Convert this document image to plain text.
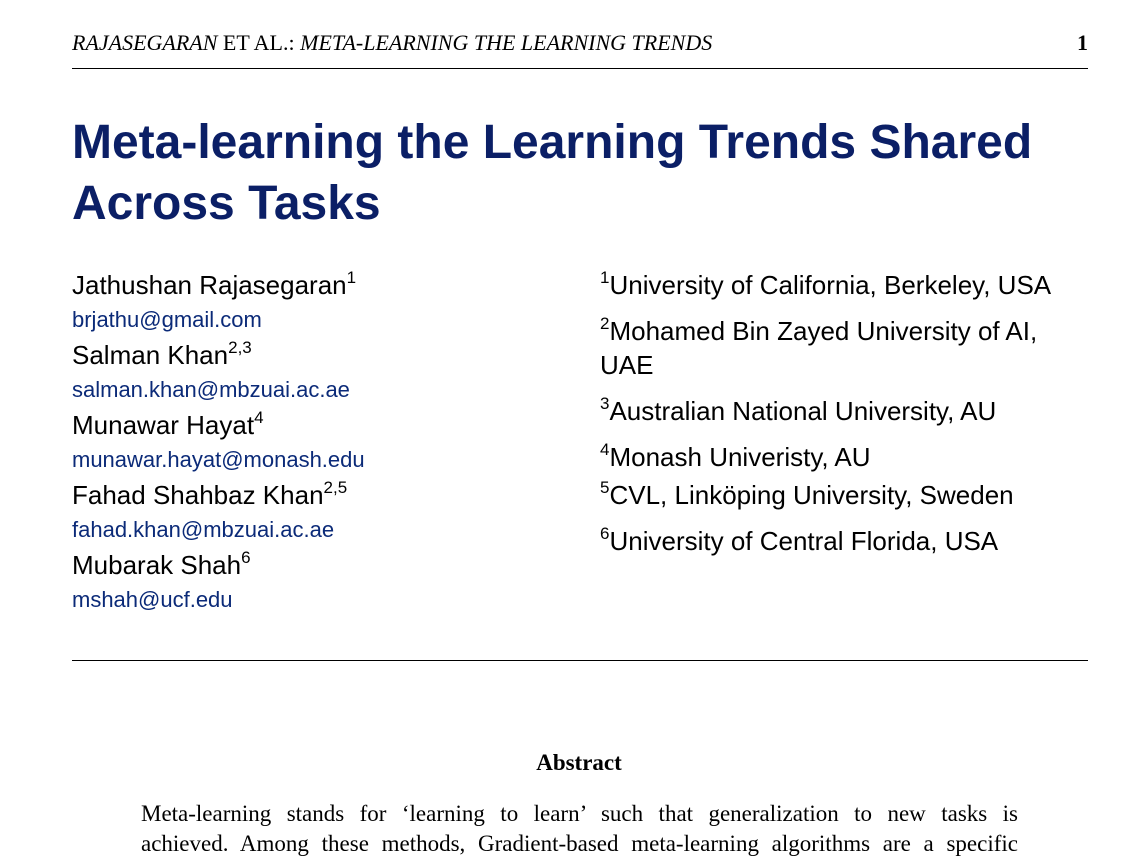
RAJASEGARAN ET AL.: META-LEARNING THE LEARNING TRENDS	1
Meta-learning the Learning Trends Shared Across Tasks
Jathushan Rajasegaran$^1$
brjathu@gmail.com
Salman Khan$^{2,3}$
salman.khan@mbzuai.ac.ae
Munawar Hayat$^4$
munawar.hayat@monash.edu
Fahad Shahbaz Khan$^{2,5}$
fahad.khan@mbzuai.ac.ae
Mubarak Shah$^6$
mshah@ucf.edu

$^1$University of California, Berkeley, USA

$^2$Mohamed Bin Zayed University of AI, UAE

$^3$Australian National University, AU

$^4$Monash Univeristy, AU

$^5$CVL, Linköping University, Sweden

$^6$University of Central Florida, USA

Abstract
Meta-learning stands for ‘learning to learn’ such that generalization to new tasks is
achieved. Among these methods, Gradient-based meta-learning algorithms are a specific
